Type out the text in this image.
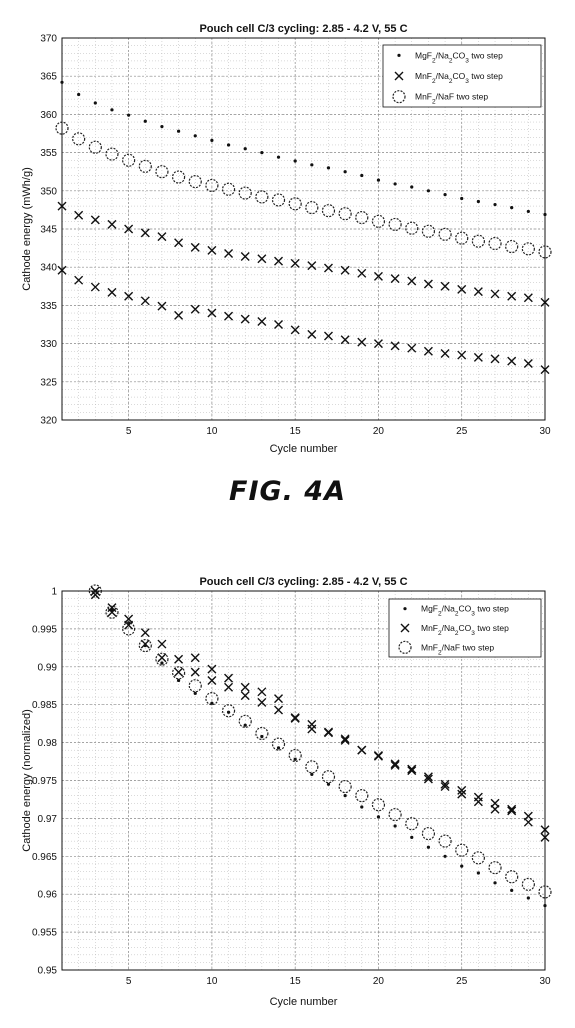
5	10	15	20	25	30
320
325
330
335
340
345
350
355
360
365
370
Pouch cell C/3 cycling: 2.85 - 4.2 V, 55 C
Cycle number
Cathode energy (mWh/g)
$MgF_2/Na_2CO_3$ two step
$MnF_2/Na_2CO_3$ two step
MnF$_2$/NaF two step
FIG. 4A
5	10	15	20	25	30
0.95
0.955
0.96
0.965
0.97
0.975
0.98
0.985
0.99
0.995
1
Pouch cell C/3 cycling: 2.85 - 4.2 V, 55 C
Cycle number
Cathode energy (normalized)
$MgF_2/Na_2CO_3$ two step
$MnF_2/Na_2CO_3$ two step
MnF$_2$/NaF two step
